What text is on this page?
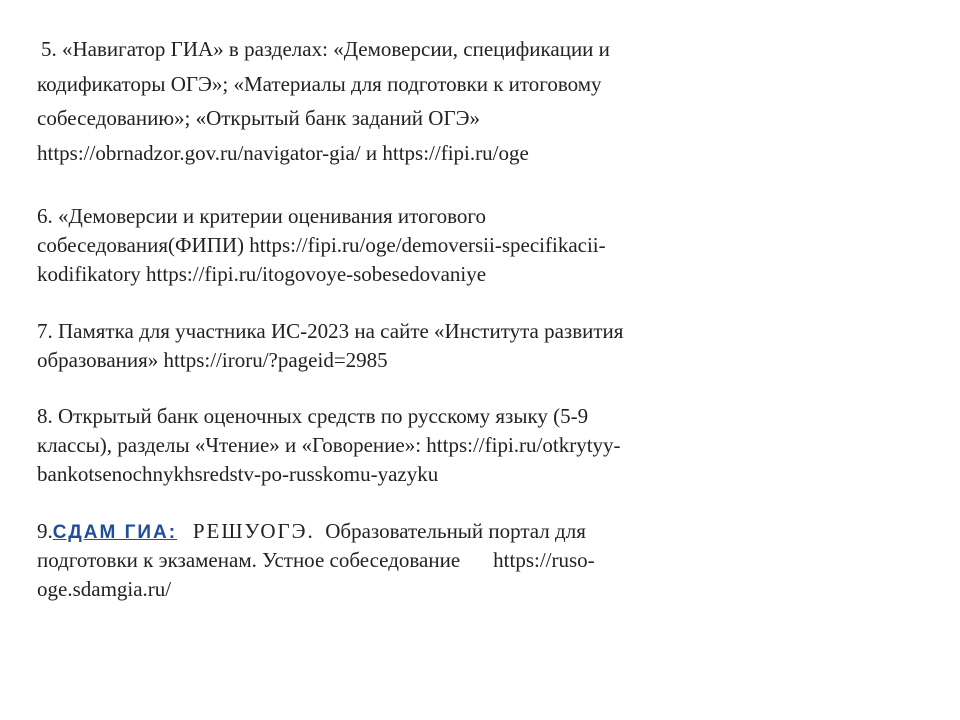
5. «Навигатор ГИА» в разделах: «Демоверсии, спецификации и
кодификаторы ОГЭ»; «Материалы для подготовки к итоговому
собеседованию»; «Открытый банк заданий ОГЭ»
https://obrnadzor.gov.ru/navigator-gia/ и https://fipi.ru/oge
6. «Демоверсии и критерии оценивания итогового
собеседования(ФИПИ) https://fipi.ru/oge/demoversii-specifikacii-
kodifikatory https://fipi.ru/itogovoye-sobesedovaniye
7. Памятка для участника ИС-2023 на сайте «Института развития
образования» https://iroru/?pageid=2985
8. Открытый банк оценочных средств по русскому языку (5-9
классы), разделы «Чтение» и «Говорение»: https://fipi.ru/otkrytyy-
bankotsenochnykhsredstv-po-russkomu-yazyku
9.СДАМ ГИА: РЕШУОГЭ. Образовательный портал для
подготовки к экзаменам. Устное собеседование https://ruso-
oge.sdamgia.ru/
